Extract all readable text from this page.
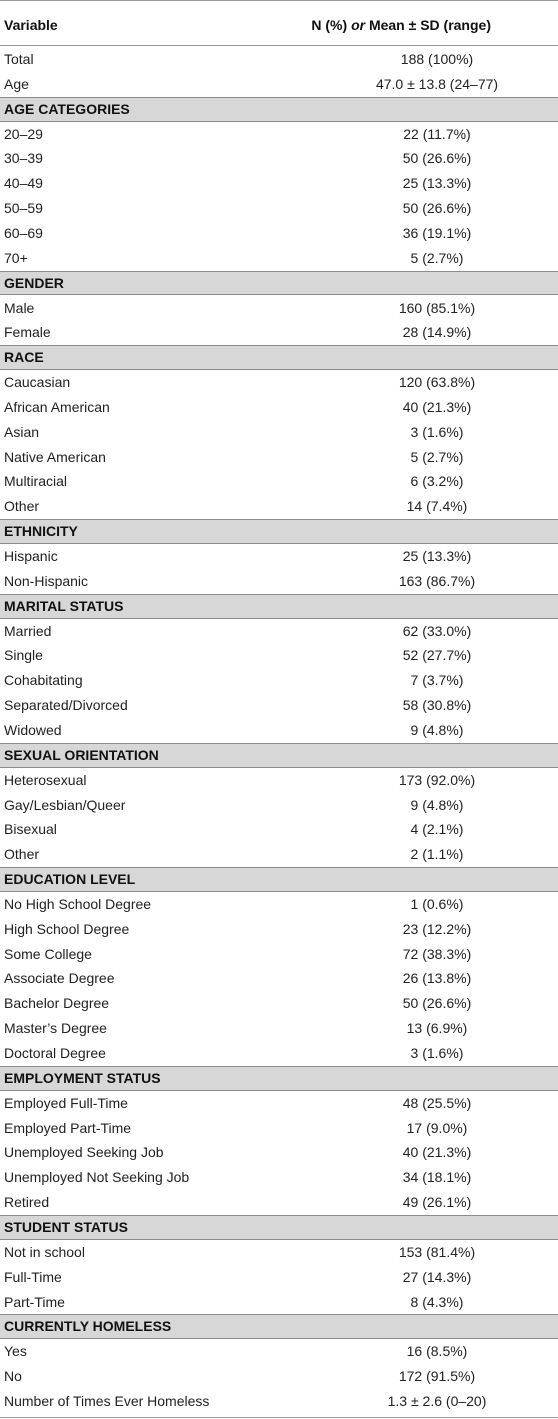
Variable	N (%) or Mean ± SD (range)
Total	188 (100%)
Age	47.0 ± 13.8 (24–77)
AGE CATEGORIES
20–29	22 (11.7%)
30–39	50 (26.6%)
40–49	25 (13.3%)
50–59	50 (26.6%)
60–69	36 (19.1%)
70+	5 (2.7%)
GENDER
Male	160 (85.1%)
Female	28 (14.9%)
RACE
Caucasian	120 (63.8%)
African American	40 (21.3%)
Asian	3 (1.6%)
Native American	5 (2.7%)
Multiracial	6 (3.2%)
Other	14 (7.4%)
ETHNICITY
Hispanic	25 (13.3%)
Non-Hispanic	163 (86.7%)
MARITAL STATUS
Married	62 (33.0%)
Single	52 (27.7%)
Cohabitating	7 (3.7%)
Separated/Divorced	58 (30.8%)
Widowed	9 (4.8%)
SEXUAL ORIENTATION
Heterosexual	173 (92.0%)
Gay/Lesbian/Queer	9 (4.8%)
Bisexual	4 (2.1%)
Other	2 (1.1%)
EDUCATION LEVEL
No High School Degree	1 (0.6%)
High School Degree	23 (12.2%)
Some College	72 (38.3%)
Associate Degree	26 (13.8%)
Bachelor Degree	50 (26.6%)
Master’s Degree	13 (6.9%)
Doctoral Degree	3 (1.6%)
EMPLOYMENT STATUS
Employed Full-Time	48 (25.5%)
Employed Part-Time	17 (9.0%)
Unemployed Seeking Job	40 (21.3%)
Unemployed Not Seeking Job	34 (18.1%)
Retired	49 (26.1%)
STUDENT STATUS
Not in school	153 (81.4%)
Full-Time	27 (14.3%)
Part-Time	8 (4.3%)
CURRENTLY HOMELESS
Yes	16 (8.5%)
No	172 (91.5%)
Number of Times Ever Homeless	1.3 ± 2.6 (0–20)
